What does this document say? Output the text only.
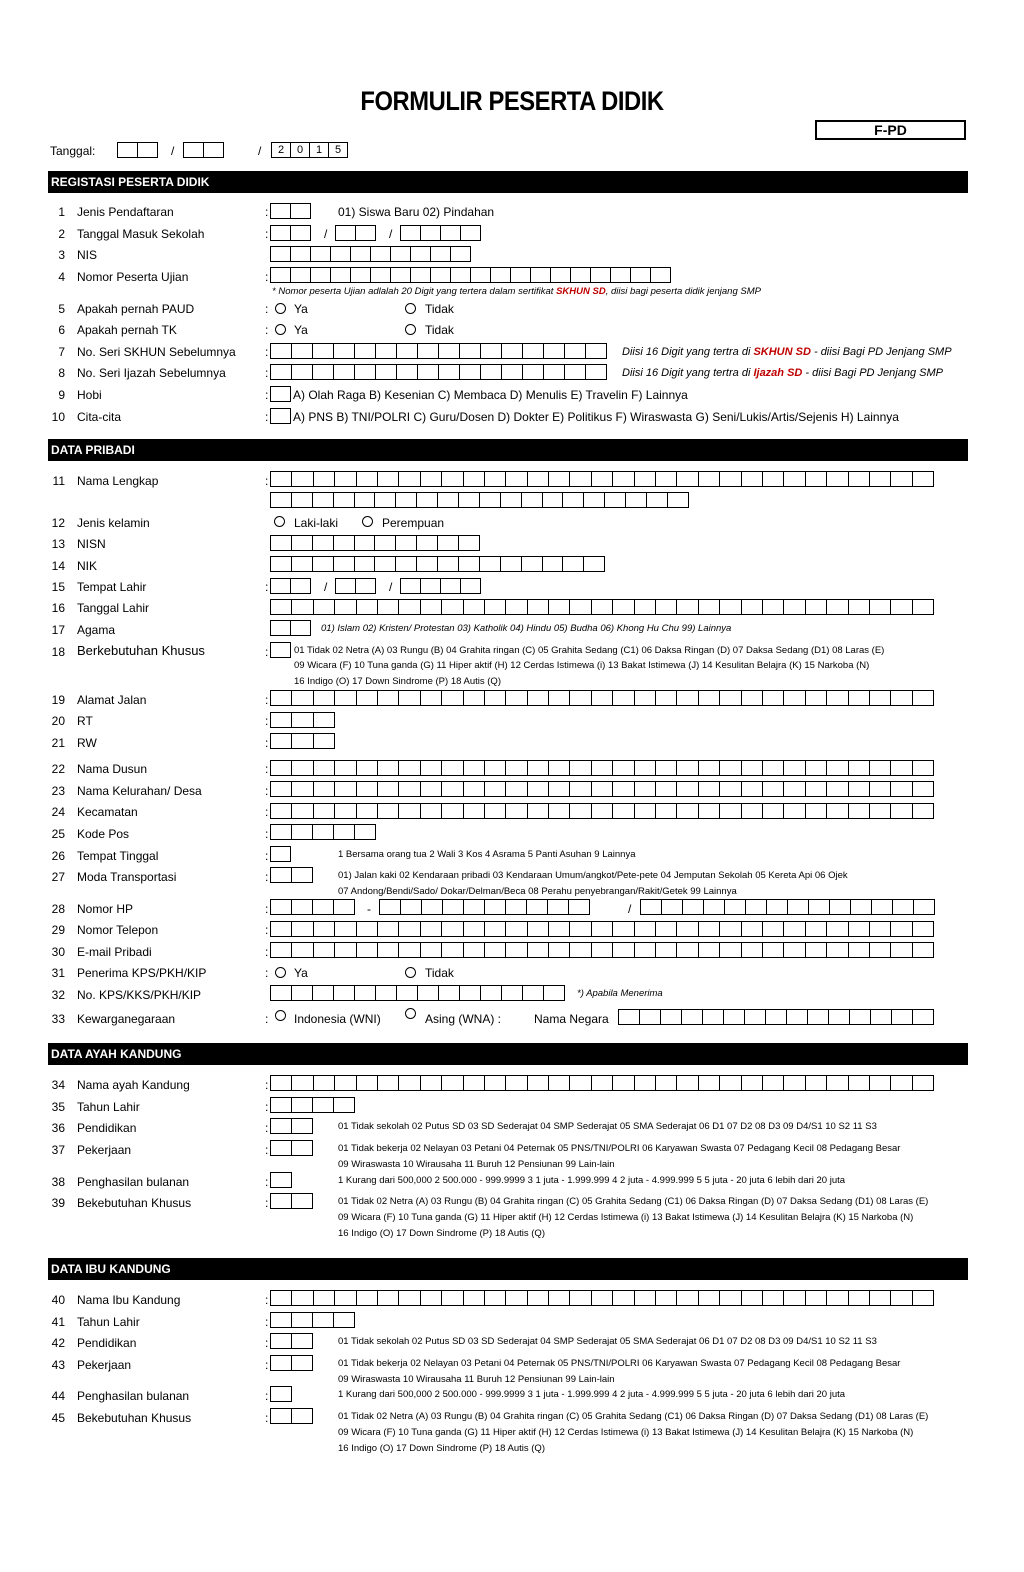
FORMULIR PESERTA DIDIK
F-PD
Tanggal:	/	/	2	0	1	5
REGISTASI PESERTA DIDIK
1 Jenis Pendaftaran	:	01) Siswa Baru 02) Pindahan
2 Tanggal Masuk Sekolah	:	/	/
3 NIS
4 Nomor Peserta Ujian	:
* Nomor peserta Ujian adlalah 20 Digit yang tertera dalam sertifikat SKHUN SD, diisi bagi peserta didik jenjang SMP
5 Apakah pernah PAUD	: Ya	Tidak
6 Apakah pernah TK	: Ya	Tidak
7 No. Seri SKHUN Sebelumnya :	Diisi 16 Digit yang tertra di SKHUN SD - diisi Bagi PD Jenjang SMP
8 No. Seri Ijazah Sebelumnya	:	Diisi 16 Digit yang tertra di Ijazah SD - diisi Bagi PD Jenjang SMP
9 Hobi	: A) Olah Raga B) Kesenian C) Membaca D) Menulis E) Travelin F) Lainnya
10 Cita-cita	: A) PNS B) TNI/POLRI C) Guru/Dosen D) Dokter E) Politikus F) Wiraswasta G) Seni/Lukis/Artis/Sejenis H) Lainnya
DATA PRIBADI
11 Nama Lengkap	:
12 Jenis kelamin	Laki-laki	Perempuan
13 NISN
14 NIK
15 Tempat Lahir	:	/	/
16 Tanggal Lahir
17 Agama	01) Islam 02) Kristen/ Protestan 03) Katholik 04) Hindu 05) Budha 06) Khong Hu Chu 99) Lainnya
18 Berkebutuhan Khusus	:	01 Tidak 02 Netra (A) 03 Rungu (B) 04 Grahita ringan (C) 05 Grahita Sedang (C1) 06 Daksa Ringan (D) 07 Daksa Sedang (D1) 08 Laras (E)
09 Wicara (F) 10 Tuna ganda (G) 11 Hiper aktif (H) 12 Cerdas Istimewa (i) 13 Bakat Istimewa (J) 14 Kesulitan Belajra (K) 15 Narkoba (N)
16 Indigo (O) 17 Down Sindrome (P) 18 Autis (Q)
19 Alamat Jalan	:
20 RT	:
21 RW	:
22 Nama Dusun	:
23 Nama Kelurahan/ Desa	:
24 Kecamatan	:
25 Kode Pos	:
26 Tempat Tinggal	:	1 Bersama orang tua 2 Wali 3 Kos 4 Asrama 5 Panti Asuhan 9 Lainnya
27 Moda Transportasi	:	01) Jalan kaki 02 Kendaraan pribadi 03 Kendaraan Umum/angkot/Pete-pete 04 Jemputan Sekolah 05 Kereta Api 06 Ojek
07 Andong/Bendi/Sado/ Dokar/Delman/Beca 08 Perahu penyebrangan/Rakit/Getek 99 Lainnya
28 Nomor HP	:	-	/
29 Nomor Telepon	:
30 E-mail Pribadi	:
31 Penerima KPS/PKH/KIP	: Ya	Tidak
32 No. KPS/KKS/PKH/KIP	*) Apabila Menerima
33 Kewarganegaraan	: Indonesia (WNI)	Asing (WNA) :	Nama Negara
DATA AYAH KANDUNG
34 Nama ayah Kandung	:
35 Tahun Lahir	:
36 Pendidikan	:	01 Tidak sekolah 02 Putus SD 03 SD Sederajat 04 SMP Sederajat 05 SMA Sederajat 06 D1 07 D2 08 D3 09 D4/S1 10 S2 11 S3
37 Pekerjaan	:	01 Tidak bekerja 02 Nelayan 03 Petani 04 Peternak 05 PNS/TNI/POLRI 06 Karyawan Swasta 07 Pedagang Kecil 08 Pedagang Besar
09 Wiraswasta 10 Wirausaha 11 Buruh 12 Pensiunan 99 Lain-lain
38 Penghasilan bulanan	:	1 Kurang dari 500,000 2 500.000 - 999.9999 3 1 juta - 1.999.999 4 2 juta - 4.999.999 5 5 juta - 20 juta 6 lebih dari 20 juta
39 Bekebutuhan Khusus	:	01 Tidak 02 Netra (A) 03 Rungu (B) 04 Grahita ringan (C) 05 Grahita Sedang (C1) 06 Daksa Ringan (D) 07 Daksa Sedang (D1) 08 Laras (E)
09 Wicara (F) 10 Tuna ganda (G) 11 Hiper aktif (H) 12 Cerdas Istimewa (i) 13 Bakat Istimewa (J) 14 Kesulitan Belajra (K) 15 Narkoba (N)
16 Indigo (O) 17 Down Sindrome (P) 18 Autis (Q)
DATA IBU KANDUNG
40 Nama Ibu Kandung	:
41 Tahun Lahir	:
42 Pendidikan	:	01 Tidak sekolah 02 Putus SD 03 SD Sederajat 04 SMP Sederajat 05 SMA Sederajat 06 D1 07 D2 08 D3 09 D4/S1 10 S2 11 S3
43 Pekerjaan	:	01 Tidak bekerja 02 Nelayan 03 Petani 04 Peternak 05 PNS/TNI/POLRI 06 Karyawan Swasta 07 Pedagang Kecil 08 Pedagang Besar
09 Wiraswasta 10 Wirausaha 11 Buruh 12 Pensiunan 99 Lain-lain
44 Penghasilan bulanan	:	1 Kurang dari 500,000 2 500.000 - 999.9999 3 1 juta - 1.999.999 4 2 juta - 4.999.999 5 5 juta - 20 juta 6 lebih dari 20 juta
45 Bekebutuhan Khusus	:	01 Tidak 02 Netra (A) 03 Rungu (B) 04 Grahita ringan (C) 05 Grahita Sedang (C1) 06 Daksa Ringan (D) 07 Daksa Sedang (D1) 08 Laras (E)
09 Wicara (F) 10 Tuna ganda (G) 11 Hiper aktif (H) 12 Cerdas Istimewa (i) 13 Bakat Istimewa (J) 14 Kesulitan Belajra (K) 15 Narkoba (N)
16 Indigo (O) 17 Down Sindrome (P) 18 Autis (Q)
